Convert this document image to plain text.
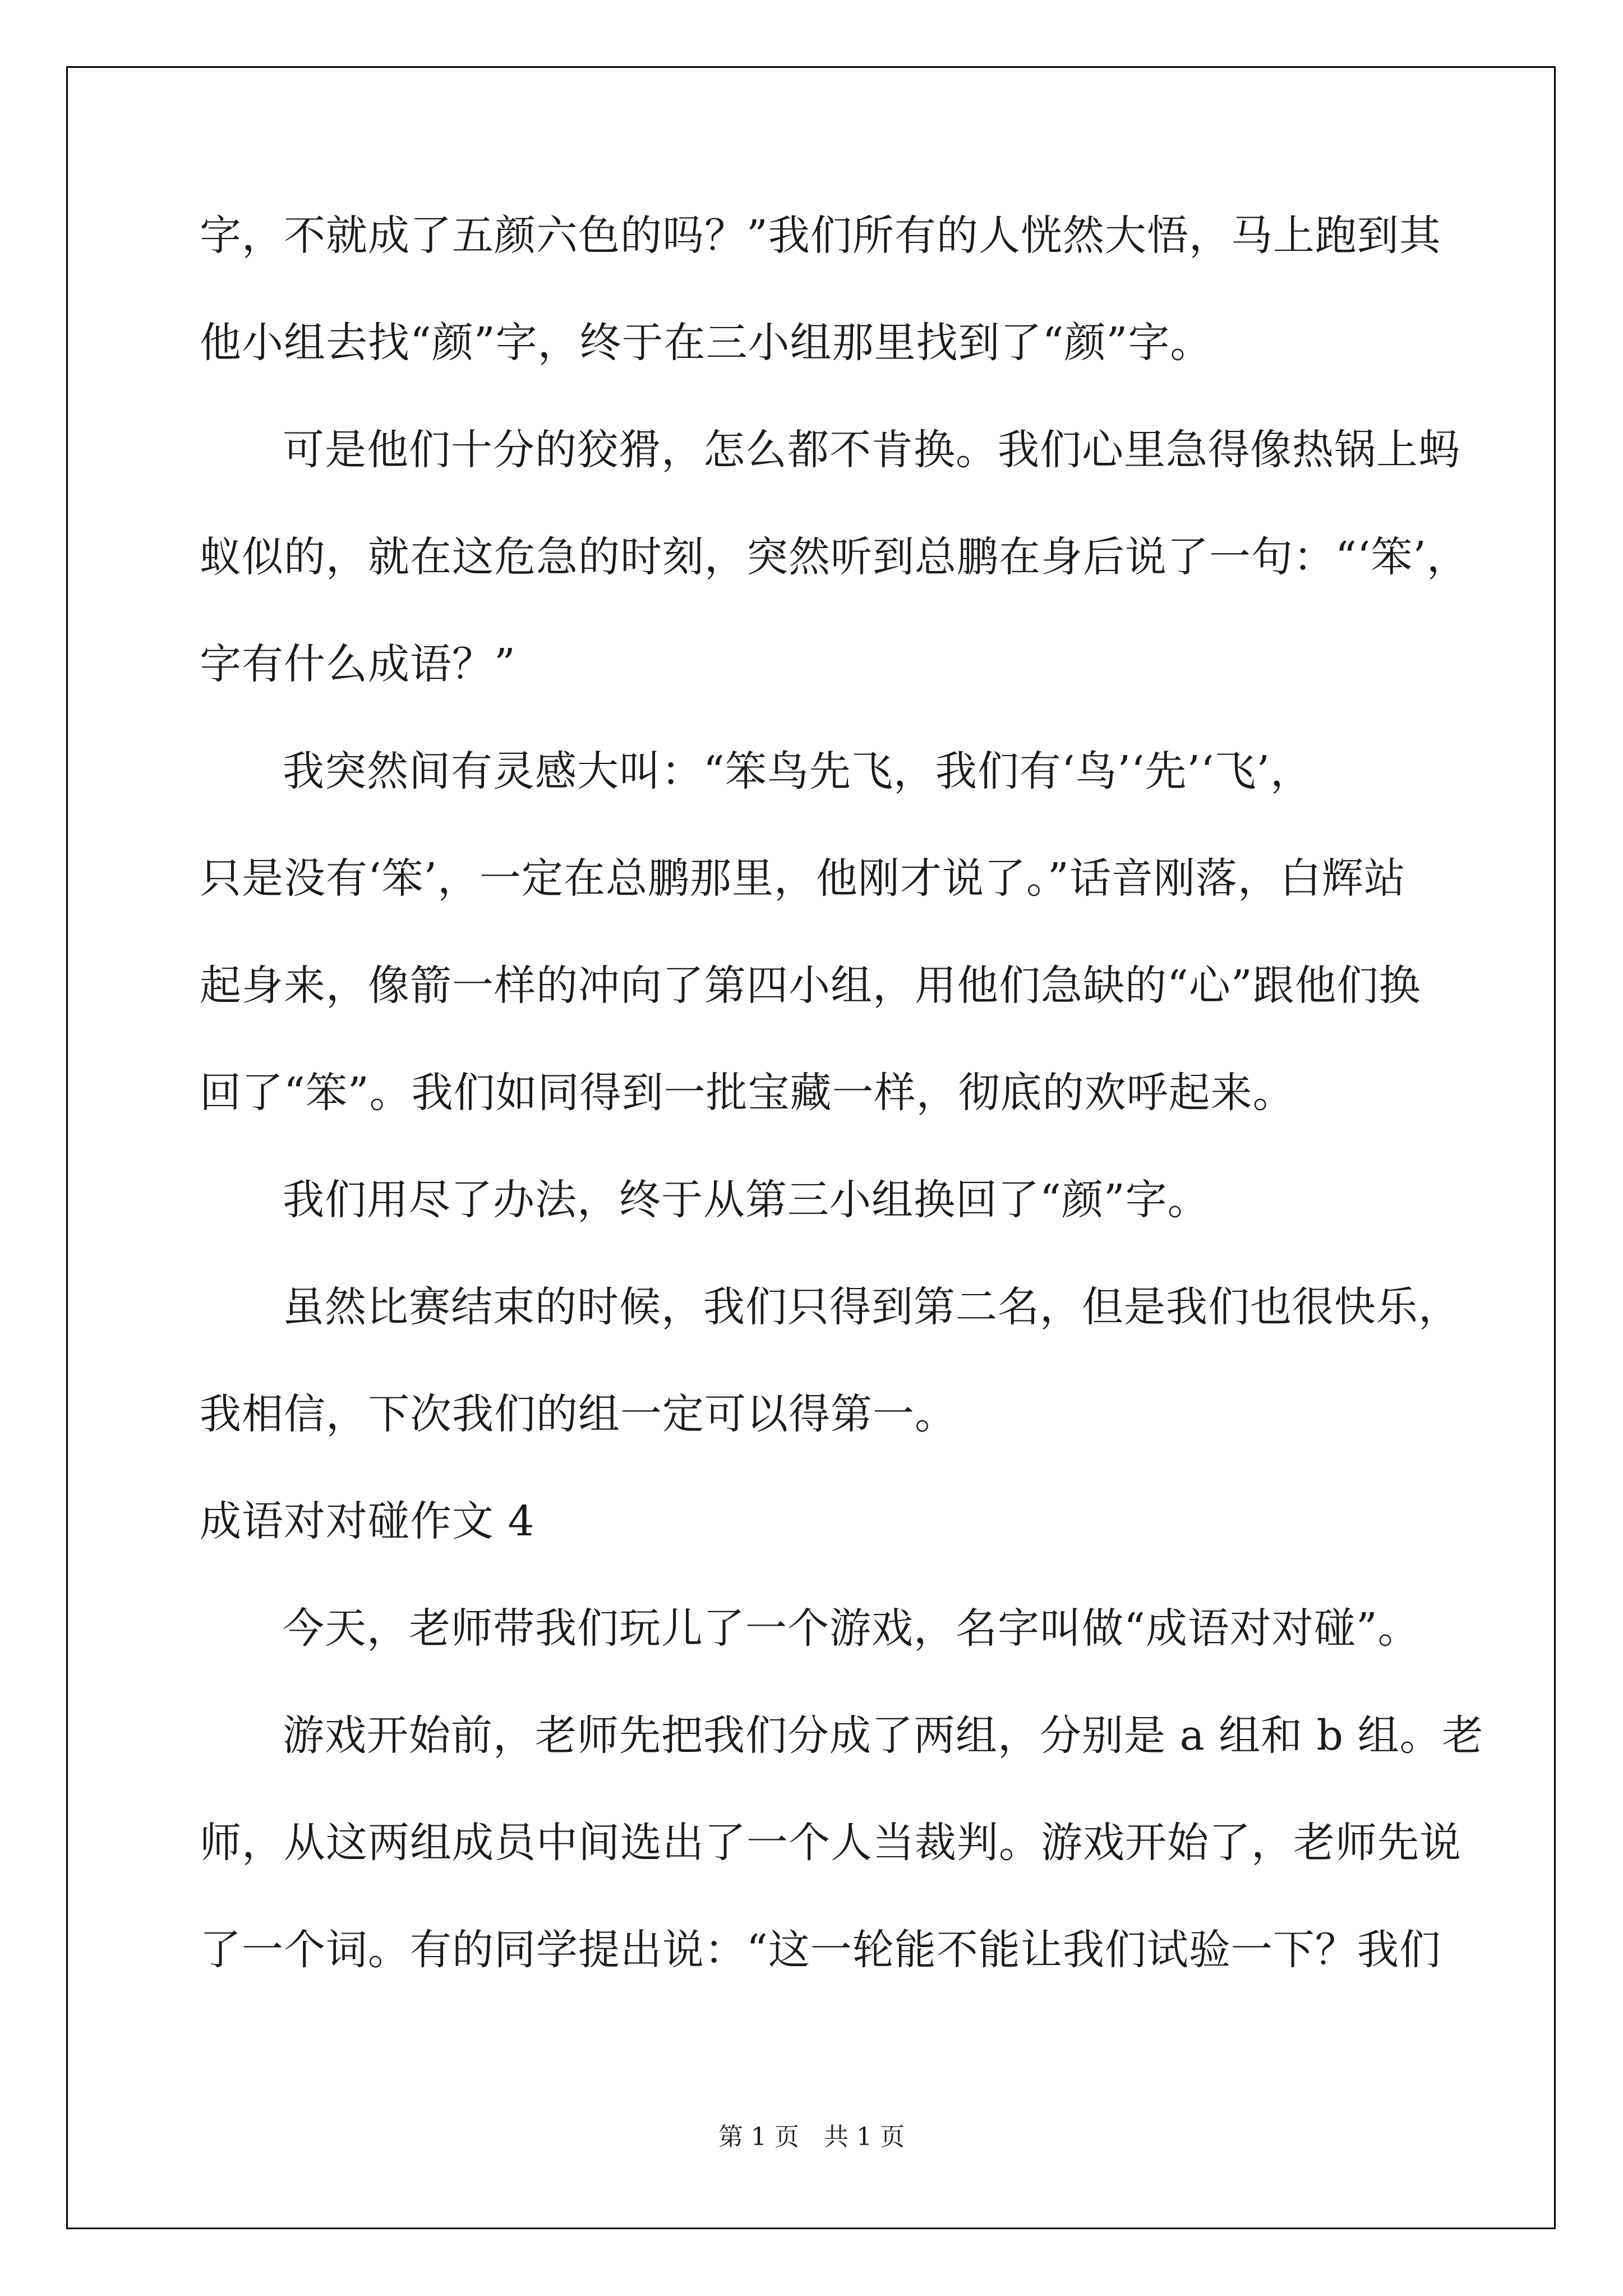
字，不就成了五颜六色的吗？”我们所有的人恍然大悟，马上跑到其
他小组去找“颜”字，终于在三小组那里找到了“颜”字。
可是他们十分的狡猾，怎么都不肯换。我们心里急得像热锅上蚂
蚁似的，就在这危急的时刻，突然听到总鹏在身后说了一句：“‘笨’，
字有什么成语？”
我突然间有灵感大叫：“笨鸟先飞，我们有‘鸟’‘先’‘飞’，
只是没有‘笨’，一定在总鹏那里，他刚才说了。”话音刚落，白辉站
起身来，像箭一样的冲向了第四小组，用他们急缺的“心”跟他们换
回了“笨”。我们如同得到一批宝藏一样，彻底的欢呼起来。
我们用尽了办法，终于从第三小组换回了“颜”字。
虽然比赛结束的时候，我们只得到第二名，但是我们也很快乐，
我相信，下次我们的组一定可以得第一。
成语对对碰作文 4
今天，老师带我们玩儿了一个游戏，名字叫做“成语对对碰”。
游戏开始前，老师先把我们分成了两组，分别是 a 组和 b 组。老
师，从这两组成员中间选出了一个人当裁判。游戏开始了，老师先说
了一个词。有的同学提出说：“这一轮能不能让我们试验一下？我们
第 1 页　共 1 页
